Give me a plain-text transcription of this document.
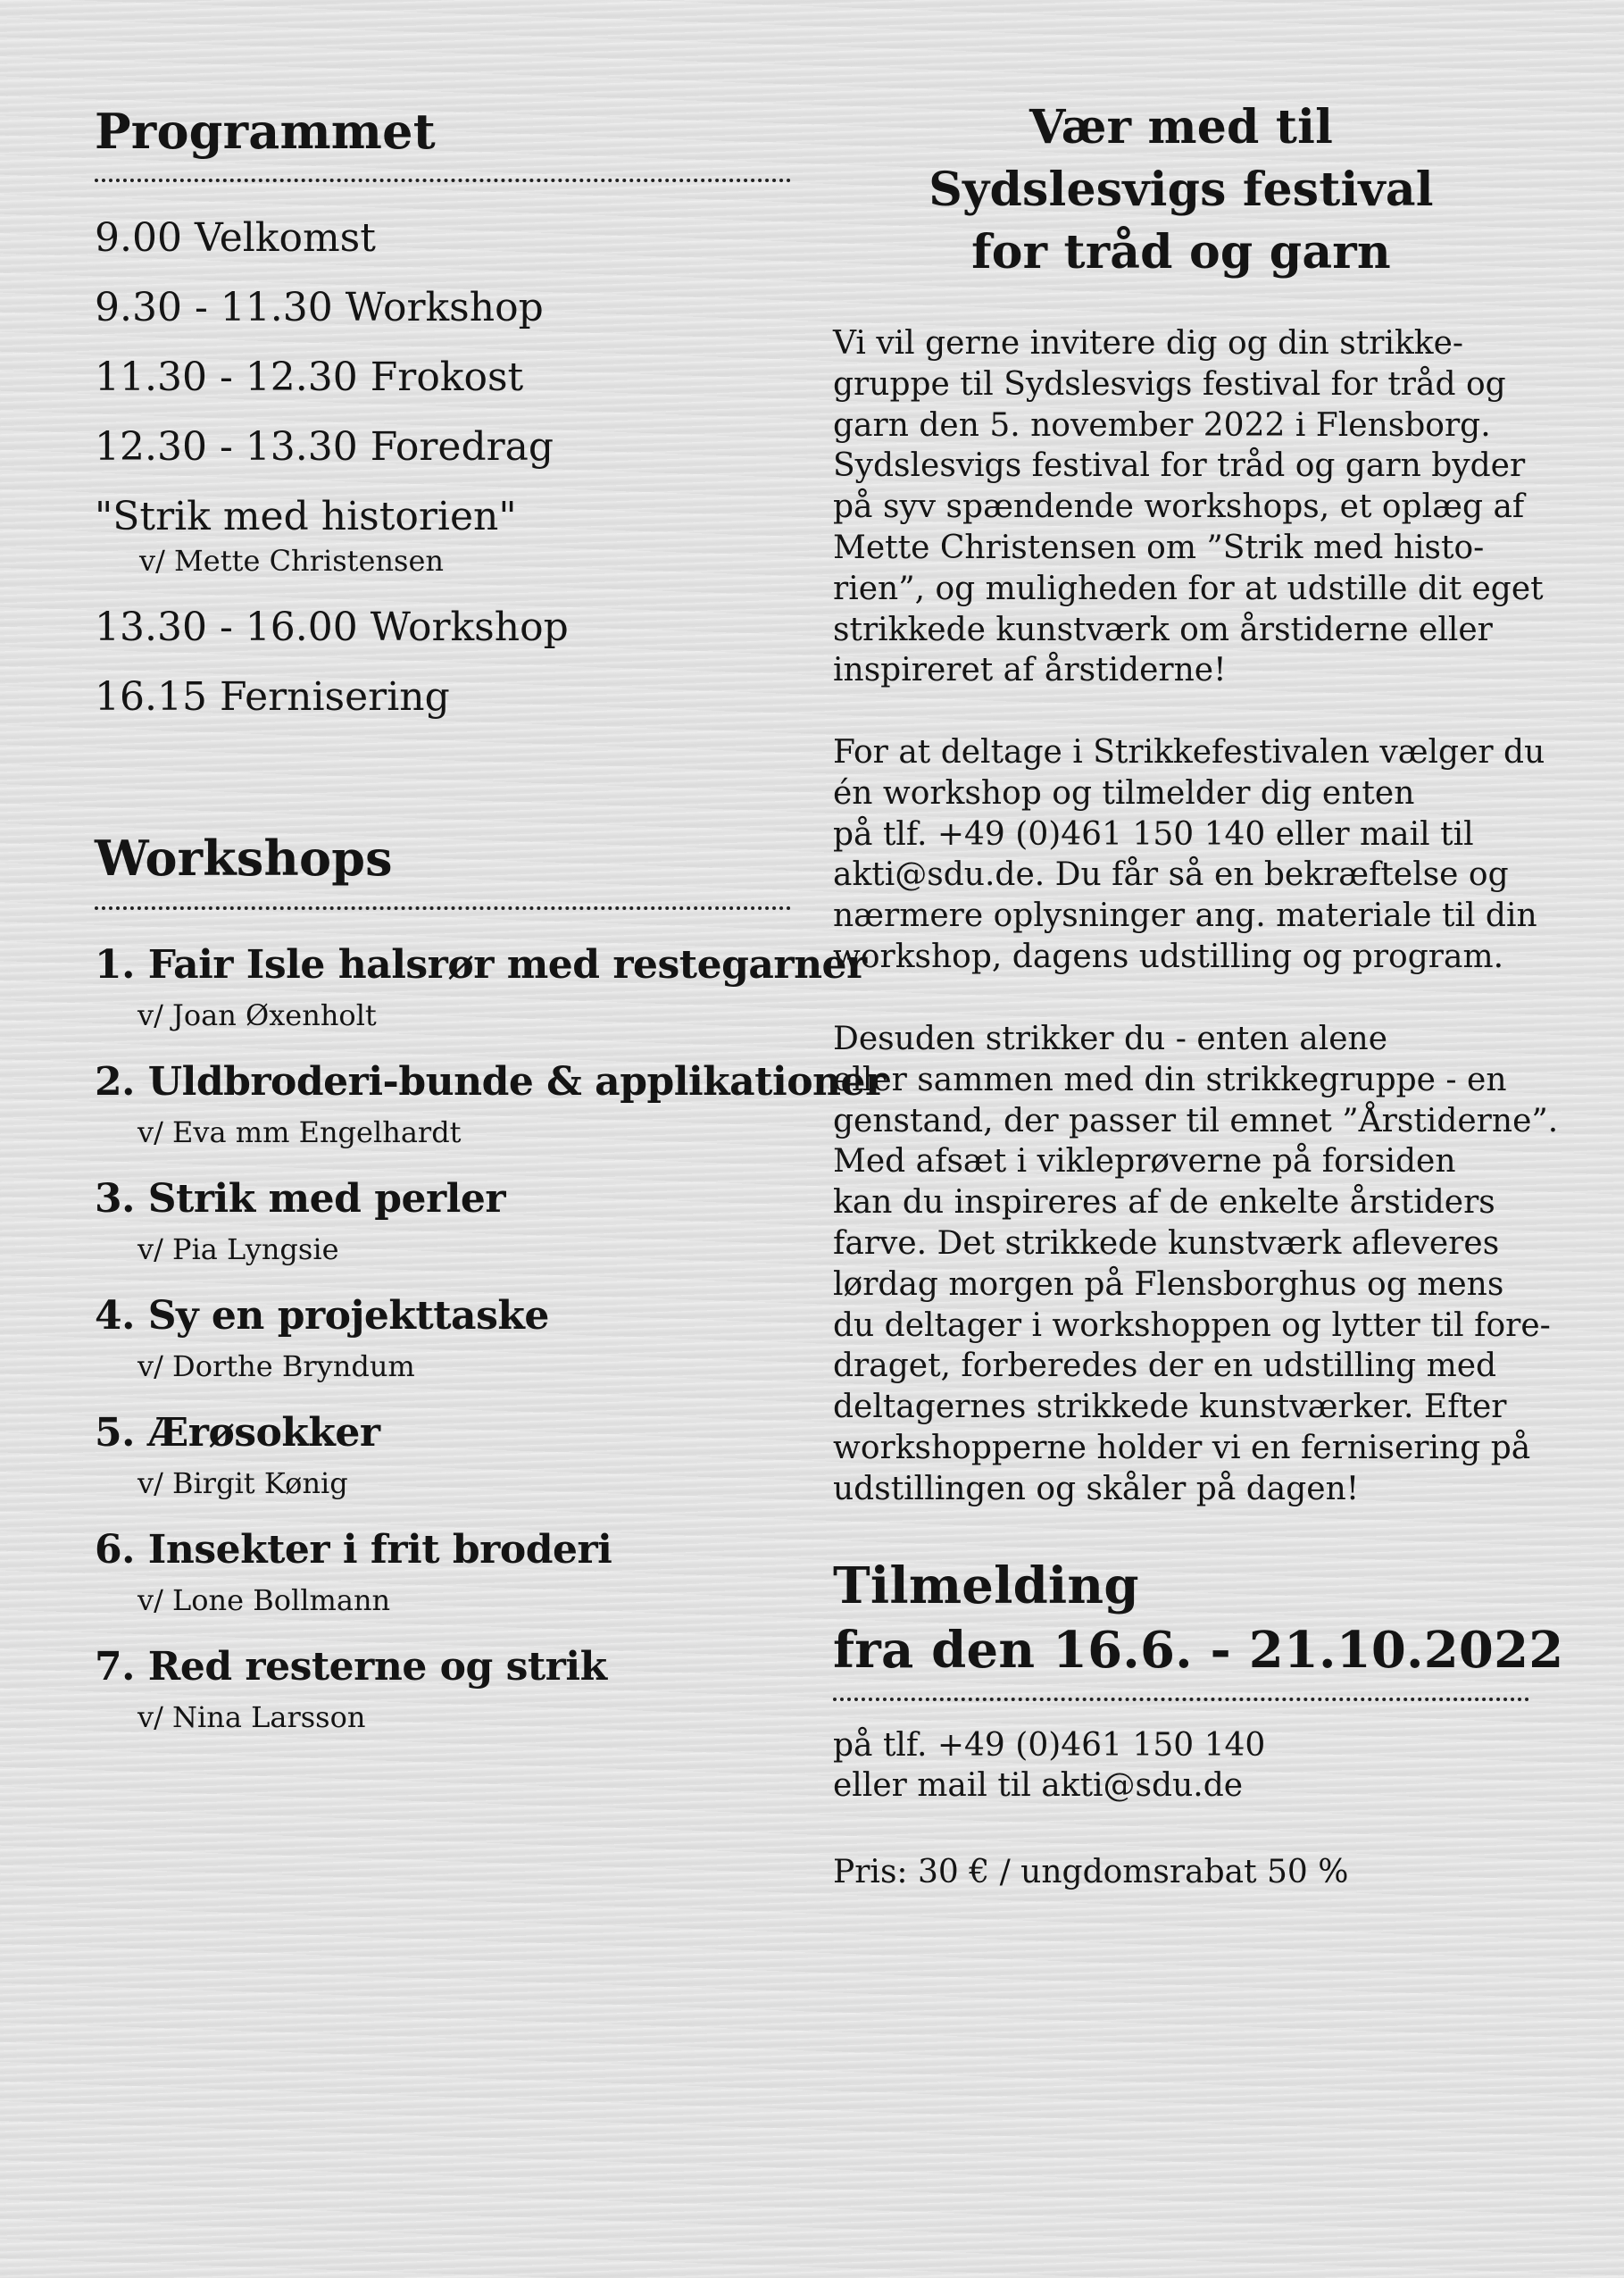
Programmet
9.00 Velkomst
9.30 - 11.30 Workshop
11.30 - 12.30 Frokost
12.30 - 13.30 Foredrag
"Strik med historien"
v/ Mette Christensen
13.30 - 16.00 Workshop
16.15 Fernisering
Workshops
1. Fair Isle halsrør med restegarner
v/ Joan Øxenholt
2. Uldbroderi-bunde & applikationer
v/ Eva mm Engelhardt
3. Strik med perler
v/ Pia Lyngsie
4. Sy en projekttaske
v/ Dorthe Bryndum
5. Ærøsokker
v/ Birgit Kønig
6. Insekter i frit broderi
v/ Lone Bollmann
7. Red resterne og strik
v/ Nina Larsson
Vær med til
Sydslesvigs festival
for tråd og garn
Vi vil gerne invitere dig og din strikke-
gruppe til Sydslesvigs festival for tråd og
garn den 5. november 2022 i Flensborg.
Sydslesvigs festival for tråd og garn byder
på syv spændende workshops, et oplæg af
Mette Christensen om ”Strik med histo-
rien”, og muligheden for at udstille dit eget
strikkede kunstværk om årstiderne eller
inspireret af årstiderne!
For at deltage i Strikkefestivalen vælger du
én workshop og tilmelder dig enten
på tlf. +49 (0)461 150 140 eller mail til
akti@sdu.de. Du får så en bekræftelse og
nærmere oplysninger ang. materiale til din
workshop, dagens udstilling og program.
Desuden strikker du - enten alene
eller sammen med din strikkegruppe - en
genstand, der passer til emnet ”Årstiderne”.
Med afsæt i vikleprøverne på forsiden
kan du inspireres af de enkelte årstiders
farve. Det strikkede kunstværk afleveres
lørdag morgen på Flensborghus og mens
du deltager i workshoppen og lytter til fore-
draget, forberedes der en udstilling med
deltagernes strikkede kunstværker. Efter
workshopperne holder vi en fernisering på
udstillingen og skåler på dagen!
Tilmelding
fra den 16.6. - 21.10.2022
på tlf. +49 (0)461 150 140
eller mail til akti@sdu.de
Pris: 30 € / ungdomsrabat 50 %
